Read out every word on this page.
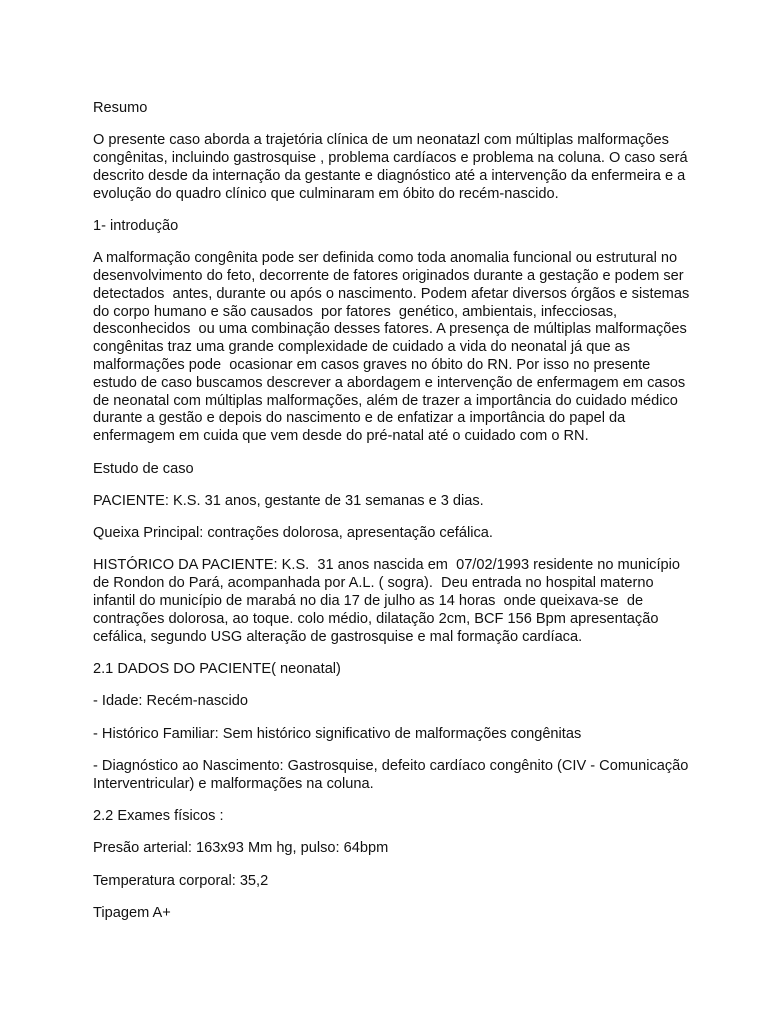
Resumo

O presente caso aborda a trajetória clínica de um neonatazl com múltiplas malformações
congênitas, incluindo gastrosquise , problema cardíacos e problema na coluna. O caso será
descrito desde da internação da gestante e diagnóstico até a intervenção da enfermeira e a
evolução do quadro clínico que culminaram em óbito do recém-nascido.

1- introdução

A malformação congênita pode ser definida como toda anomalia funcional ou estrutural no
desenvolvimento do feto, decorrente de fatores originados durante a gestação e podem ser
detectados  antes, durante ou após o nascimento. Podem afetar diversos órgãos e sistemas
do corpo humano e são causados  por fatores  genético, ambientais, infecciosas,
desconhecidos  ou uma combinação desses fatores. A presença de múltiplas malformações
congênitas traz uma grande complexidade de cuidado a vida do neonatal já que as
malformações pode  ocasionar em casos graves no óbito do RN. Por isso no presente
estudo de caso buscamos descrever a abordagem e intervenção de enfermagem em casos
de neonatal com múltiplas malformações, além de trazer a importância do cuidado médico
durante a gestão e depois do nascimento e de enfatizar a importância do papel da
enfermagem em cuida que vem desde do pré-natal até o cuidado com o RN.

Estudo de caso

PACIENTE: K.S. 31 anos, gestante de 31 semanas e 3 dias.

Queixa Principal: contrações dolorosa, apresentação cefálica.

HISTÓRICO DA PACIENTE: K.S.  31 anos nascida em  07/02/1993 residente no município
de Rondon do Pará, acompanhada por A.L. ( sogra).  Deu entrada no hospital materno
infantil do município de marabá no dia 17 de julho as 14 horas  onde queixava-se  de
contrações dolorosa, ao toque. colo médio, dilatação 2cm, BCF 156 Bpm apresentação
cefálica, segundo USG alteração de gastrosquise e mal formação cardíaca.

2.1 DADOS DO PACIENTE( neonatal)

- Idade: Recém-nascido

- Histórico Familiar: Sem histórico significativo de malformações congênitas

- Diagnóstico ao Nascimento: Gastrosquise, defeito cardíaco congênito (CIV - Comunicação
Interventricular) e malformações na coluna.

2.2 Exames físicos :

Presão arterial: 163x93 Mm hg, pulso: 64bpm

Temperatura corporal: 35,2

Tipagem A+
